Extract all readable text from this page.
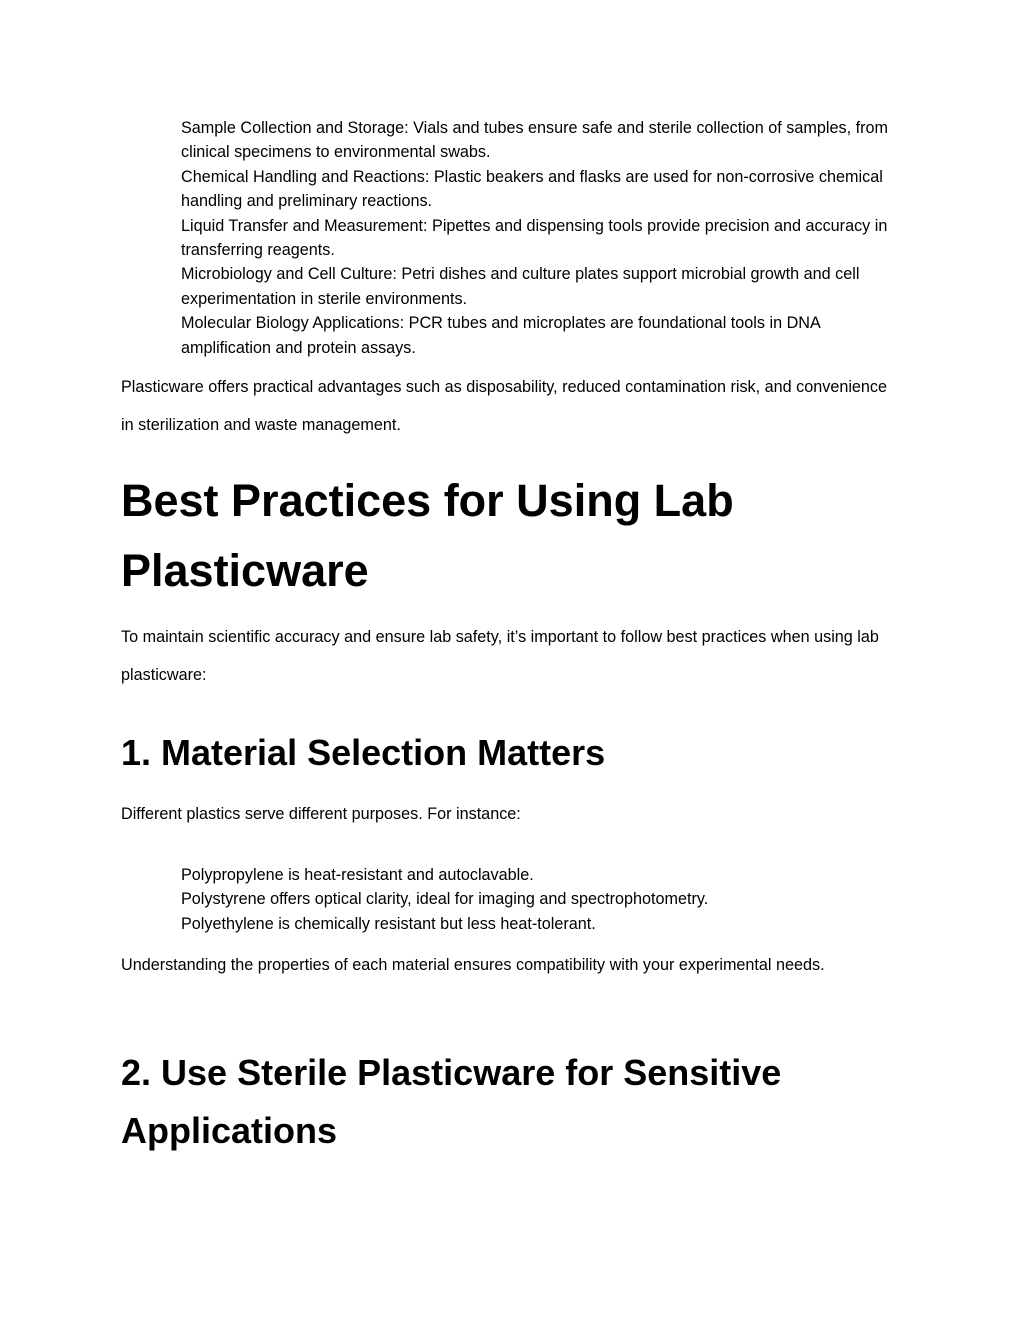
Sample Collection and Storage: Vials and tubes ensure safe and sterile collection of samples, from clinical specimens to environmental swabs.
Chemical Handling and Reactions: Plastic beakers and flasks are used for non-corrosive chemical handling and preliminary reactions.
Liquid Transfer and Measurement: Pipettes and dispensing tools provide precision and accuracy in transferring reagents.
Microbiology and Cell Culture: Petri dishes and culture plates support microbial growth and cell experimentation in sterile environments.
Molecular Biology Applications: PCR tubes and microplates are foundational tools in DNA amplification and protein assays.

Plasticware offers practical advantages such as disposability, reduced contamination risk, and convenience in sterilization and waste management.

Best Practices for Using Lab Plasticware

To maintain scientific accuracy and ensure lab safety, it’s important to follow best practices when using lab plasticware:

1. Material Selection Matters

Different plastics serve different purposes. For instance:

Polypropylene is heat-resistant and autoclavable.
Polystyrene offers optical clarity, ideal for imaging and spectrophotometry.
Polyethylene is chemically resistant but less heat-tolerant.

Understanding the properties of each material ensures compatibility with your experimental needs.

2. Use Sterile Plasticware for Sensitive Applications
